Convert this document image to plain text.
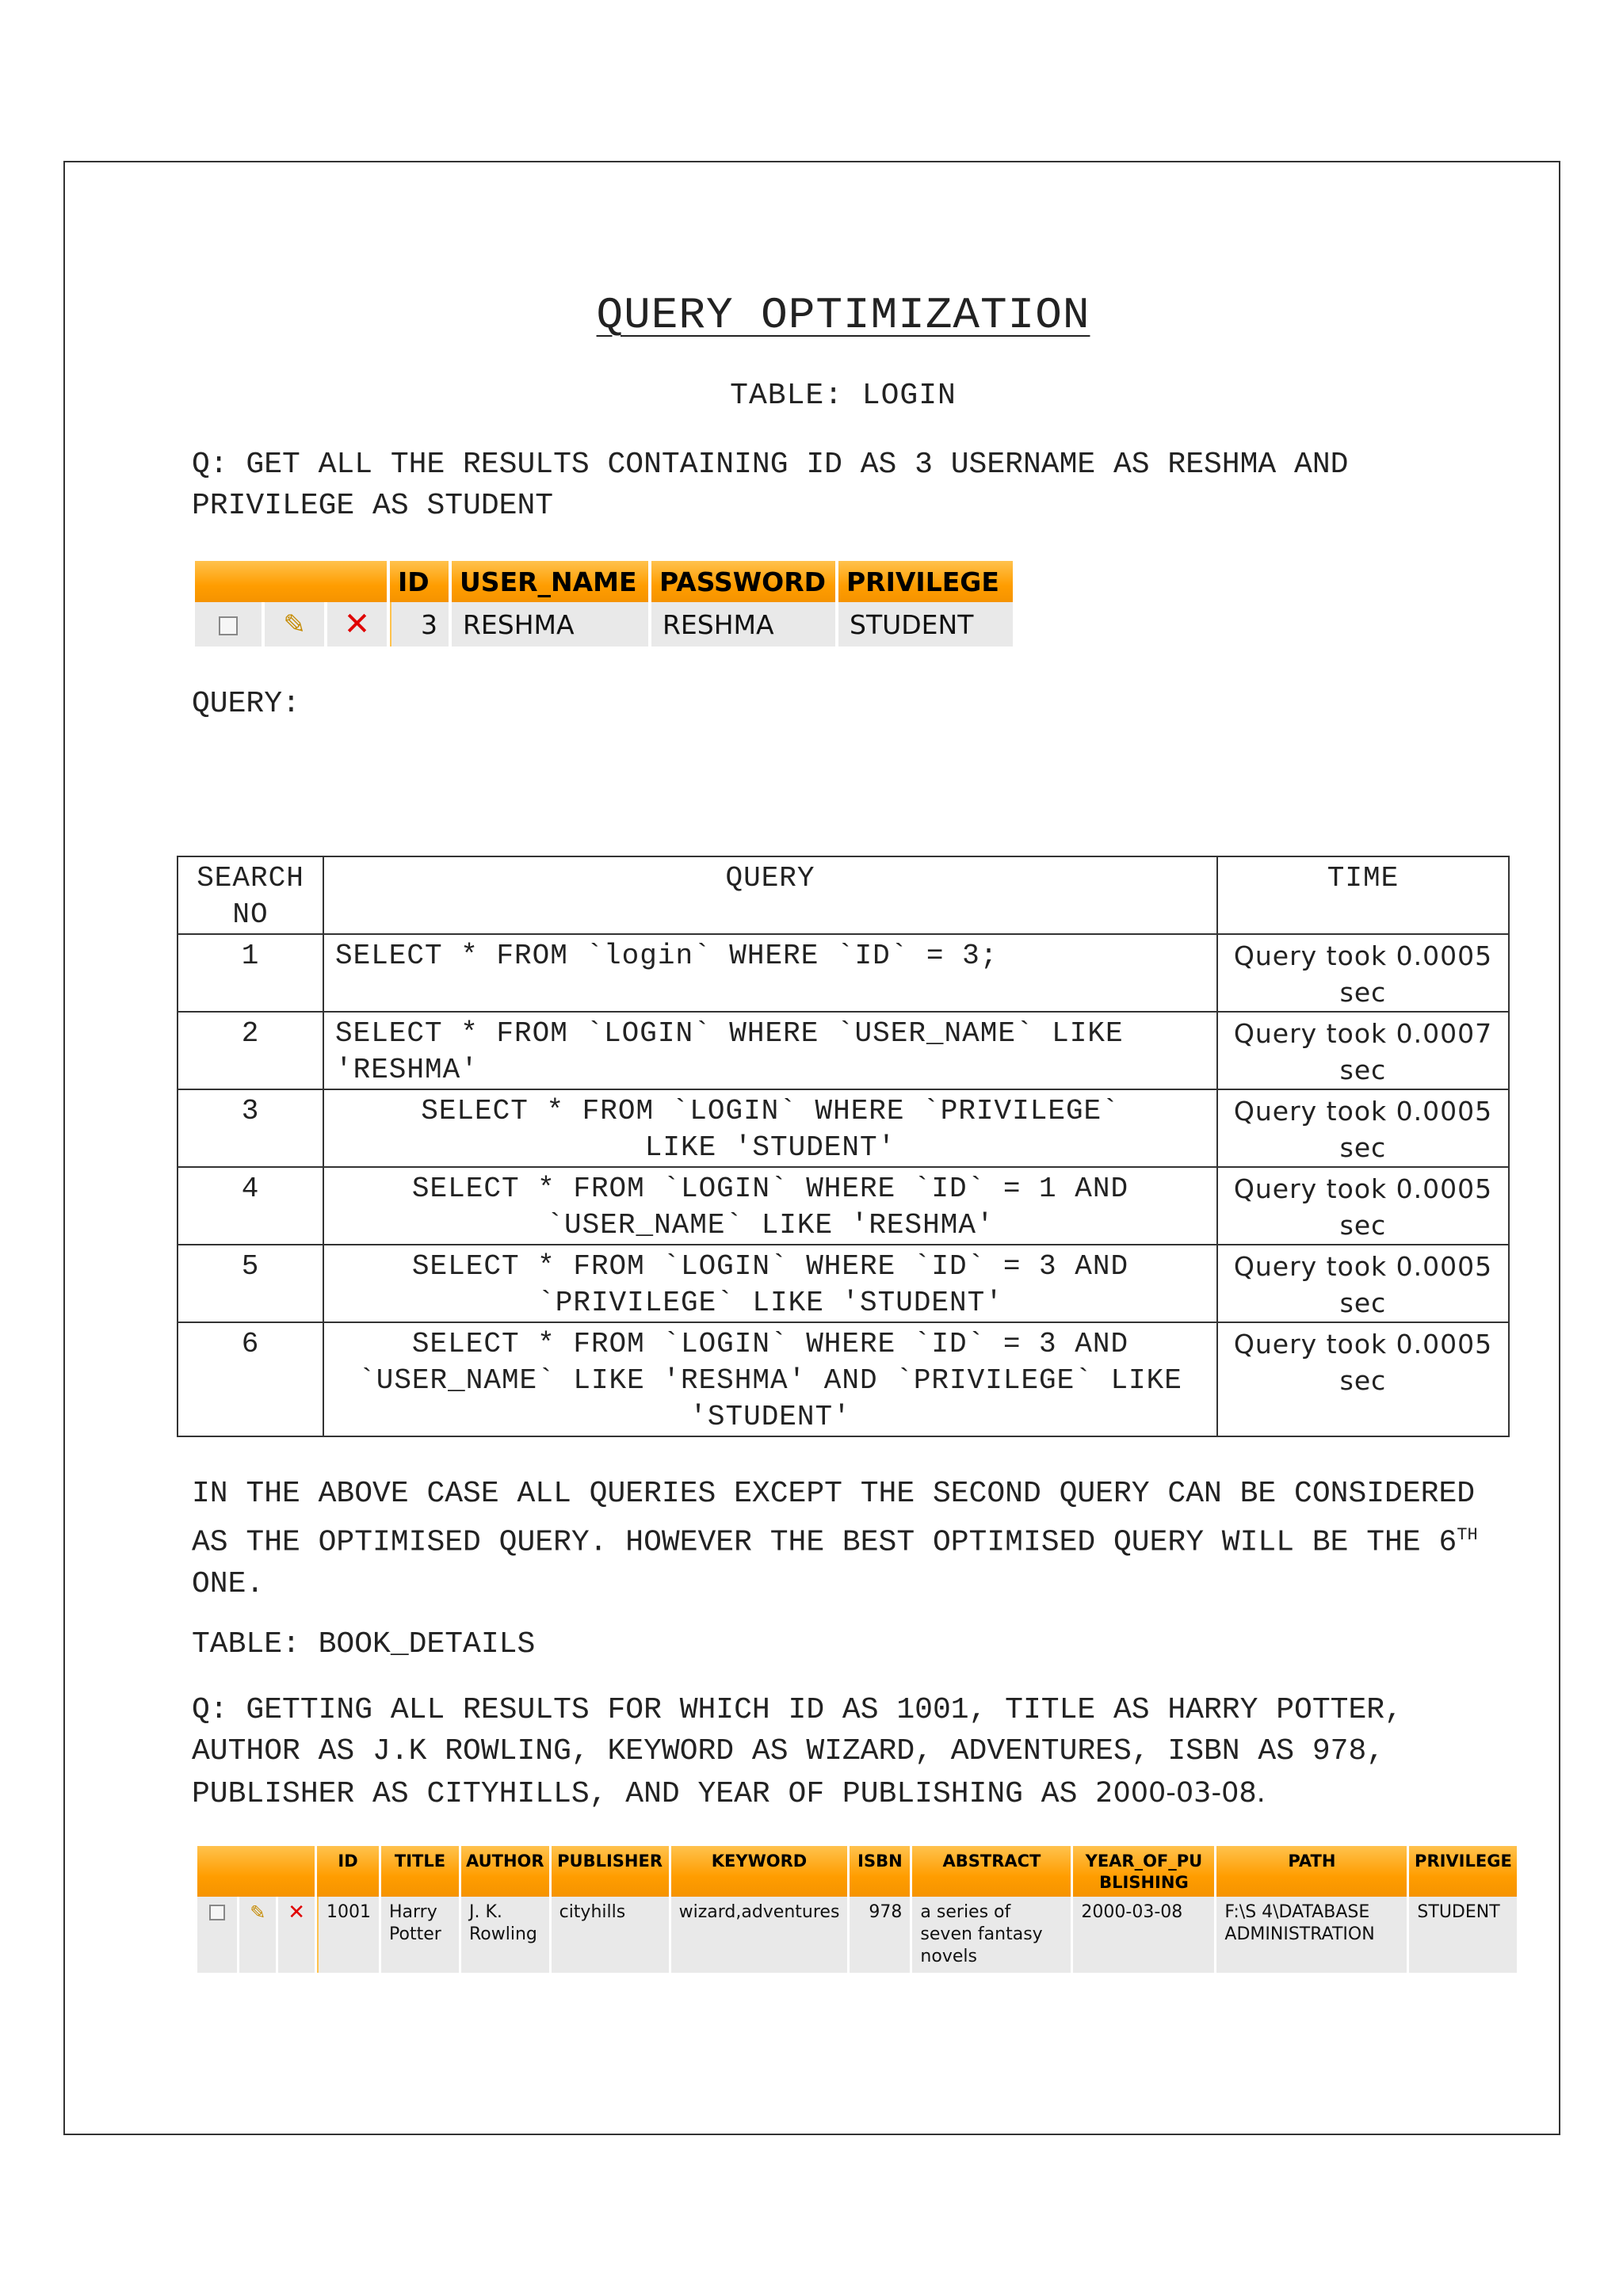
QUERY OPTIMIZATION
TABLE: LOGIN
Q: GET ALL THE RESULTS CONTAINING ID AS 3 USERNAME AS RESHMA AND PRIVILEGE AS STUDENT
			ID	USER_NAME	PASSWORD	PRIVILEGE
	✎	✕	3	RESHMA	RESHMA	STUDENT
QUERY:
SEARCH NO	QUERY	TIME
1	SELECT * FROM `login` WHERE `ID` = 3;	Query took 0.0005 sec
2	SELECT * FROM `LOGIN` WHERE `USER_NAME` LIKE 'RESHMA'	Query took 0.0007 sec
3	SELECT * FROM `LOGIN` WHERE `PRIVILEGE` LIKE 'STUDENT'	Query took 0.0005 sec
4	SELECT * FROM `LOGIN` WHERE `ID` = 1 AND `USER_NAME` LIKE 'RESHMA'	Query took 0.0005 sec
5	SELECT * FROM `LOGIN` WHERE `ID` = 3 AND `PRIVILEGE` LIKE 'STUDENT'	Query took 0.0005 sec
6	SELECT * FROM `LOGIN` WHERE `ID` = 3 AND `USER_NAME` LIKE 'RESHMA' AND `PRIVILEGE` LIKE 'STUDENT'	Query took 0.0005 sec
IN THE ABOVE CASE ALL QUERIES EXCEPT THE SECOND QUERY CAN BE CONSIDERED AS THE OPTIMISED QUERY. HOWEVER THE BEST OPTIMISED QUERY WILL BE THE 6TH ONE.
TABLE: BOOK_DETAILS
Q: GETTING ALL RESULTS FOR WHICH ID AS 1001, TITLE AS HARRY POTTER, AUTHOR AS J.K ROWLING, KEYWORD AS WIZARD, ADVENTURES, ISBN AS 978, PUBLISHER AS CITYHILLS, AND YEAR OF PUBLISHING AS 2000-03-08.
			ID	TITLE	AUTHOR	PUBLISHER	KEYWORD	ISBN	ABSTRACT	YEAR_OF_PU BLISHING	PATH	PRIVILEGE
	✎	✕	1001	Harry Potter	J. K. Rowling	cityhills	wizard,adventures	978	a series of seven fantasy novels	2000-03-08	F:\S 4\DATABASE ADMINISTRATION	STUDENT
